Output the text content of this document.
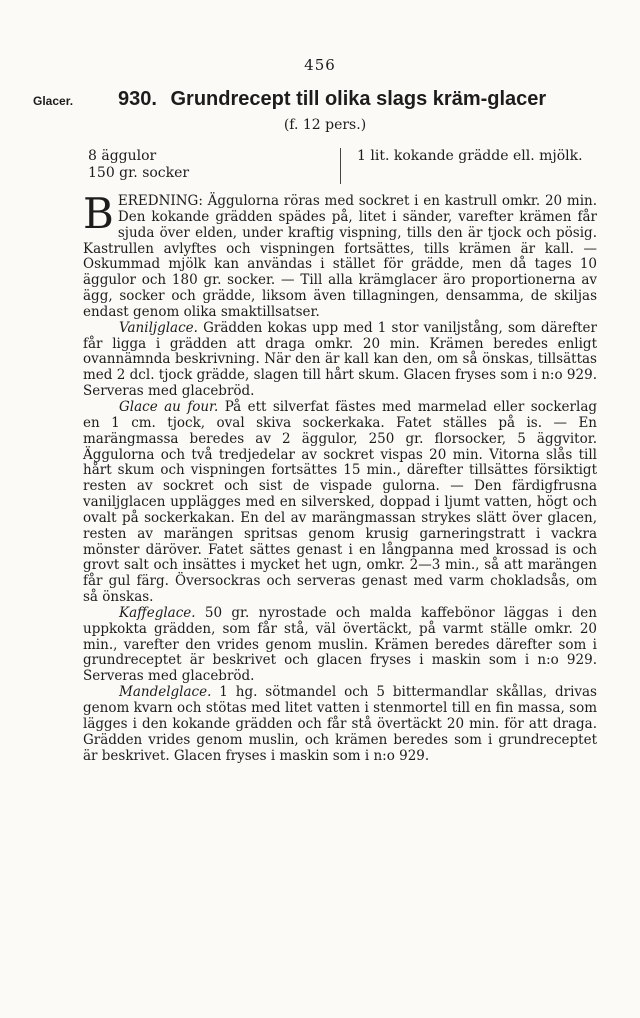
456
Glacer. 930. Grundrecept till olika slags kräm-glacer
(f. 12 pers.)
8 äggulor
150 gr. socker
1 lit. kokande grädde ell. mjölk.

BEREDNING: Äggulorna röras med sockret i en kastrull omkr. 20 min. Den kokande grädden spädes på, litet i sänder, varefter krämen får sjuda över elden, under kraftig vispning, tills den är tjock och pösig. Kastrullen avlyftes och vispningen fortsättes, tills krämen är kall. — Oskummad mjölk kan användas i stället för grädde, men då tages 10 äggulor och 180 gr. socker. — Till alla krämglacer äro proportionerna av ägg, socker och grädde, liksom även tillagningen, densamma, de skiljas endast genom olika smaktillsatser.

Vaniljglace. Grädden kokas upp med 1 stor vaniljstång, som därefter får ligga i grädden att draga omkr. 20 min. Krämen beredes enligt ovannämnda beskrivning. När den är kall kan den, om så önskas, tillsättas med 2 dcl. tjock grädde, slagen till hårt skum. Glacen fryses som i n:o 929. Serveras med glacebröd.

Glace au four. På ett silverfat fästes med marmelad eller sockerlag en 1 cm. tjock, oval skiva sockerkaka. Fatet ställes på is. — En marängmassa beredes av 2 äggulor, 250 gr. florsocker, 5 äggvitor. Äggulorna och två tredjedelar av sockret vispas 20 min. Vitorna slås till hårt skum och vispningen fortsättes 15 min., därefter tillsättes försiktigt resten av sockret och sist de vispade gulorna. — Den färdigfrusna vaniljglacen upplägges med en silversked, doppad i ljumt vatten, högt och ovalt på sockerkakan. En del av marängmassan strykes slätt över glacen, resten av marängen spritsas genom krusig garneringstratt i vackra mönster däröver. Fatet sättes genast i en långpanna med krossad is och grovt salt och insättes i mycket het ugn, omkr. 2—3 min., så att marängen får gul färg. Översockras och serveras genast med varm chokladsås, om så önskas.

Kaffeglace. 50 gr. nyrostade och malda kaffebönor läggas i den uppkokta grädden, som får stå, väl övertäckt, på varmt ställe omkr. 20 min., varefter den vrides genom muslin. Krämen beredes därefter som i grundreceptet är beskrivet och glacen fryses i maskin som i n:o 929. Serveras med glacebröd.

Mandelglace. 1 hg. sötmandel och 5 bittermandlar skållas, drivas genom kvarn och stötas med litet vatten i stenmortel till en fin massa, som lägges i den kokande grädden och får stå övertäckt 20 min. för att draga. Grädden vrides genom muslin, och krämen beredes som i grundreceptet är beskrivet. Glacen fryses i maskin som i n:o 929.
